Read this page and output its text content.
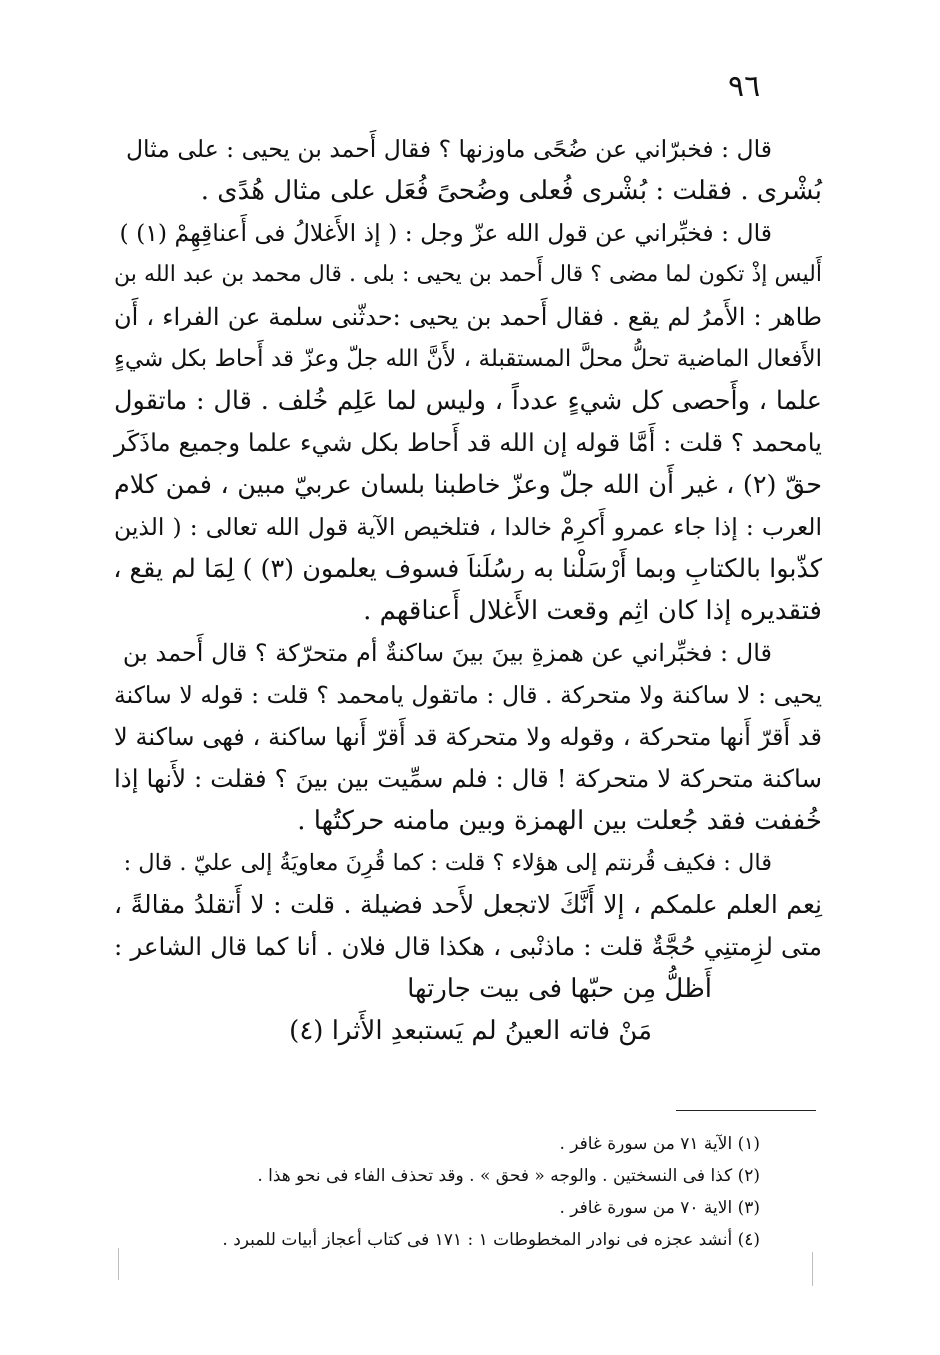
٩٦
قال : فخبرّاني عن ضُحًى ماوزنها ؟ فقال أَحمد بن يحيى : على مثال
بُشْرى . فقلت : بُشْرى فُعلى وضُحىً فُعَل على مثال هُدًى .
قال : فخبِّراني عن قول الله عزّ وجل : ( إذ الأَغلالُ فى أَعناقِهِمْ (١) )
أَليس إذْ تكون لما مضى ؟ قال أَحمد بن يحيى : بلى . قال محمد بن عبد الله بن
طاهر : الأَمرُ لم يقع . فقال أَحمد بن يحيى :حدثّنى سلمة عن الفراء ، أَن
الأَفعال الماضية تحلُّ محلَّ المستقبلة ، لأَنَّ الله جلّ وعزّ قد أَحاط بكل شيءٍ
علما ، وأَحصى كل شيءٍ عدداً ، وليس لما عَلِم خُلف . قال : ماتقول
يامحمد ؟ قلت : أَمَّا قوله إن الله قد أَحاط بكل شيء علما وجميع ماذَكَر
حقّ (٢) ، غير أَن الله جلّ وعزّ خاطبنا بلسان عربيّ مبين ، فمن كلام
العرب : إذا جاء عمرو أَكرِمْ خالدا ، فتلخيص الآية قول الله تعالى : ( الذين
كذّبوا بالكتابِ وبما أَرْسَلْنا به رسُلَناَ فسوف يعلمون (٣) ) لِمَا لم يقع ،
فتقديره إذا كان اثِم وقعت الأَغلال أَعناقهم .
قال : فخبِّراني عن همزةِ بينَ بينَ ساكنةٌ أم متحرّكة ؟ قال أَحمد بن
يحيى : لا ساكنة ولا متحركة . قال : ماتقول يامحمد ؟ قلت : قوله لا ساكنة
قد أَقرّ أَنها متحركة ، وقوله ولا متحركة قد أَقرّ أَنها ساكنة ، فهى ساكنة لا
ساكنة متحركة لا متحركة ! قال : فلم سمِّيت بين بينَ ؟ فقلت : لأَنها إذا
خُففت فقد جُعلت بين الهمزة وبين مامنه حركتُها .
قال : فكيف قُرنتم إلى هؤلاء ؟ قلت : كما قُرِنَ معاويَةُ إلى عليّ . قال :
نِعم العلم علمكم ، إلا أَنَّكَ لاتجعل لأَحد فضيلة . قلت : لا أَتقلدُ مقالةً ،
متى لزِمتنِي حُجَّةٌ قلت : ماذنْبى ، هكذا قال فلان . أنا كما قال الشاعر :
أَظلُّ مِن حبّها فى بيت جارتها
مَنْ فاته العينُ لم يَستبعدِ الأَثرا (٤)
(١) الآية ٧١ من سورة غافر .
(٢) كذا فى النسختين . والوجه « فحق » . وقد تحذف الفاء فى نحو هذا .
(٣) الاية ٧٠ من سورة غافر .
(٤) أنشد عجزه فى نوادر المخطوطات ١ : ١٧١ فى كتاب أعجاز أبيات للمبرد .
